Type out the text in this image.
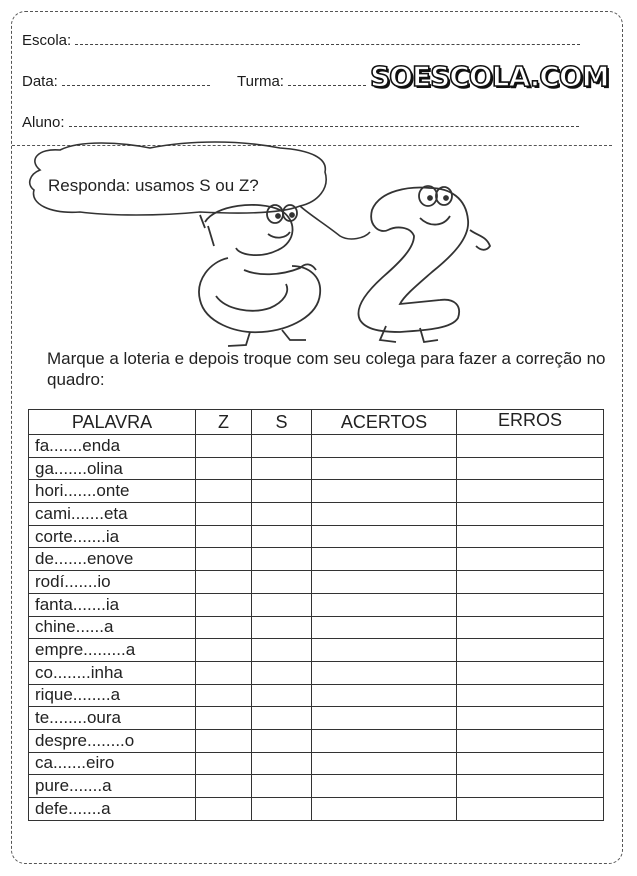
Escola:
Data:	Turma:
Aluno:
SOESCOLA.COM
Responda: usamos S ou Z?
Marque a loteria e depois troque com seu colega para fazer a correção no quadro:
PALAVRA	Z	S	ACERTOS	ERROS
fa.......enda				
ga.......olina				
hori.......onte				
cami.......eta				
corte.......ia				
de.......enove				
rodí.......io				
fanta.......ia				
chine......a				
empre.........a				
co........inha				
rique........a				
te........oura				
despre........o				
ca.......eiro				
pure.......a				
defe.......a				
